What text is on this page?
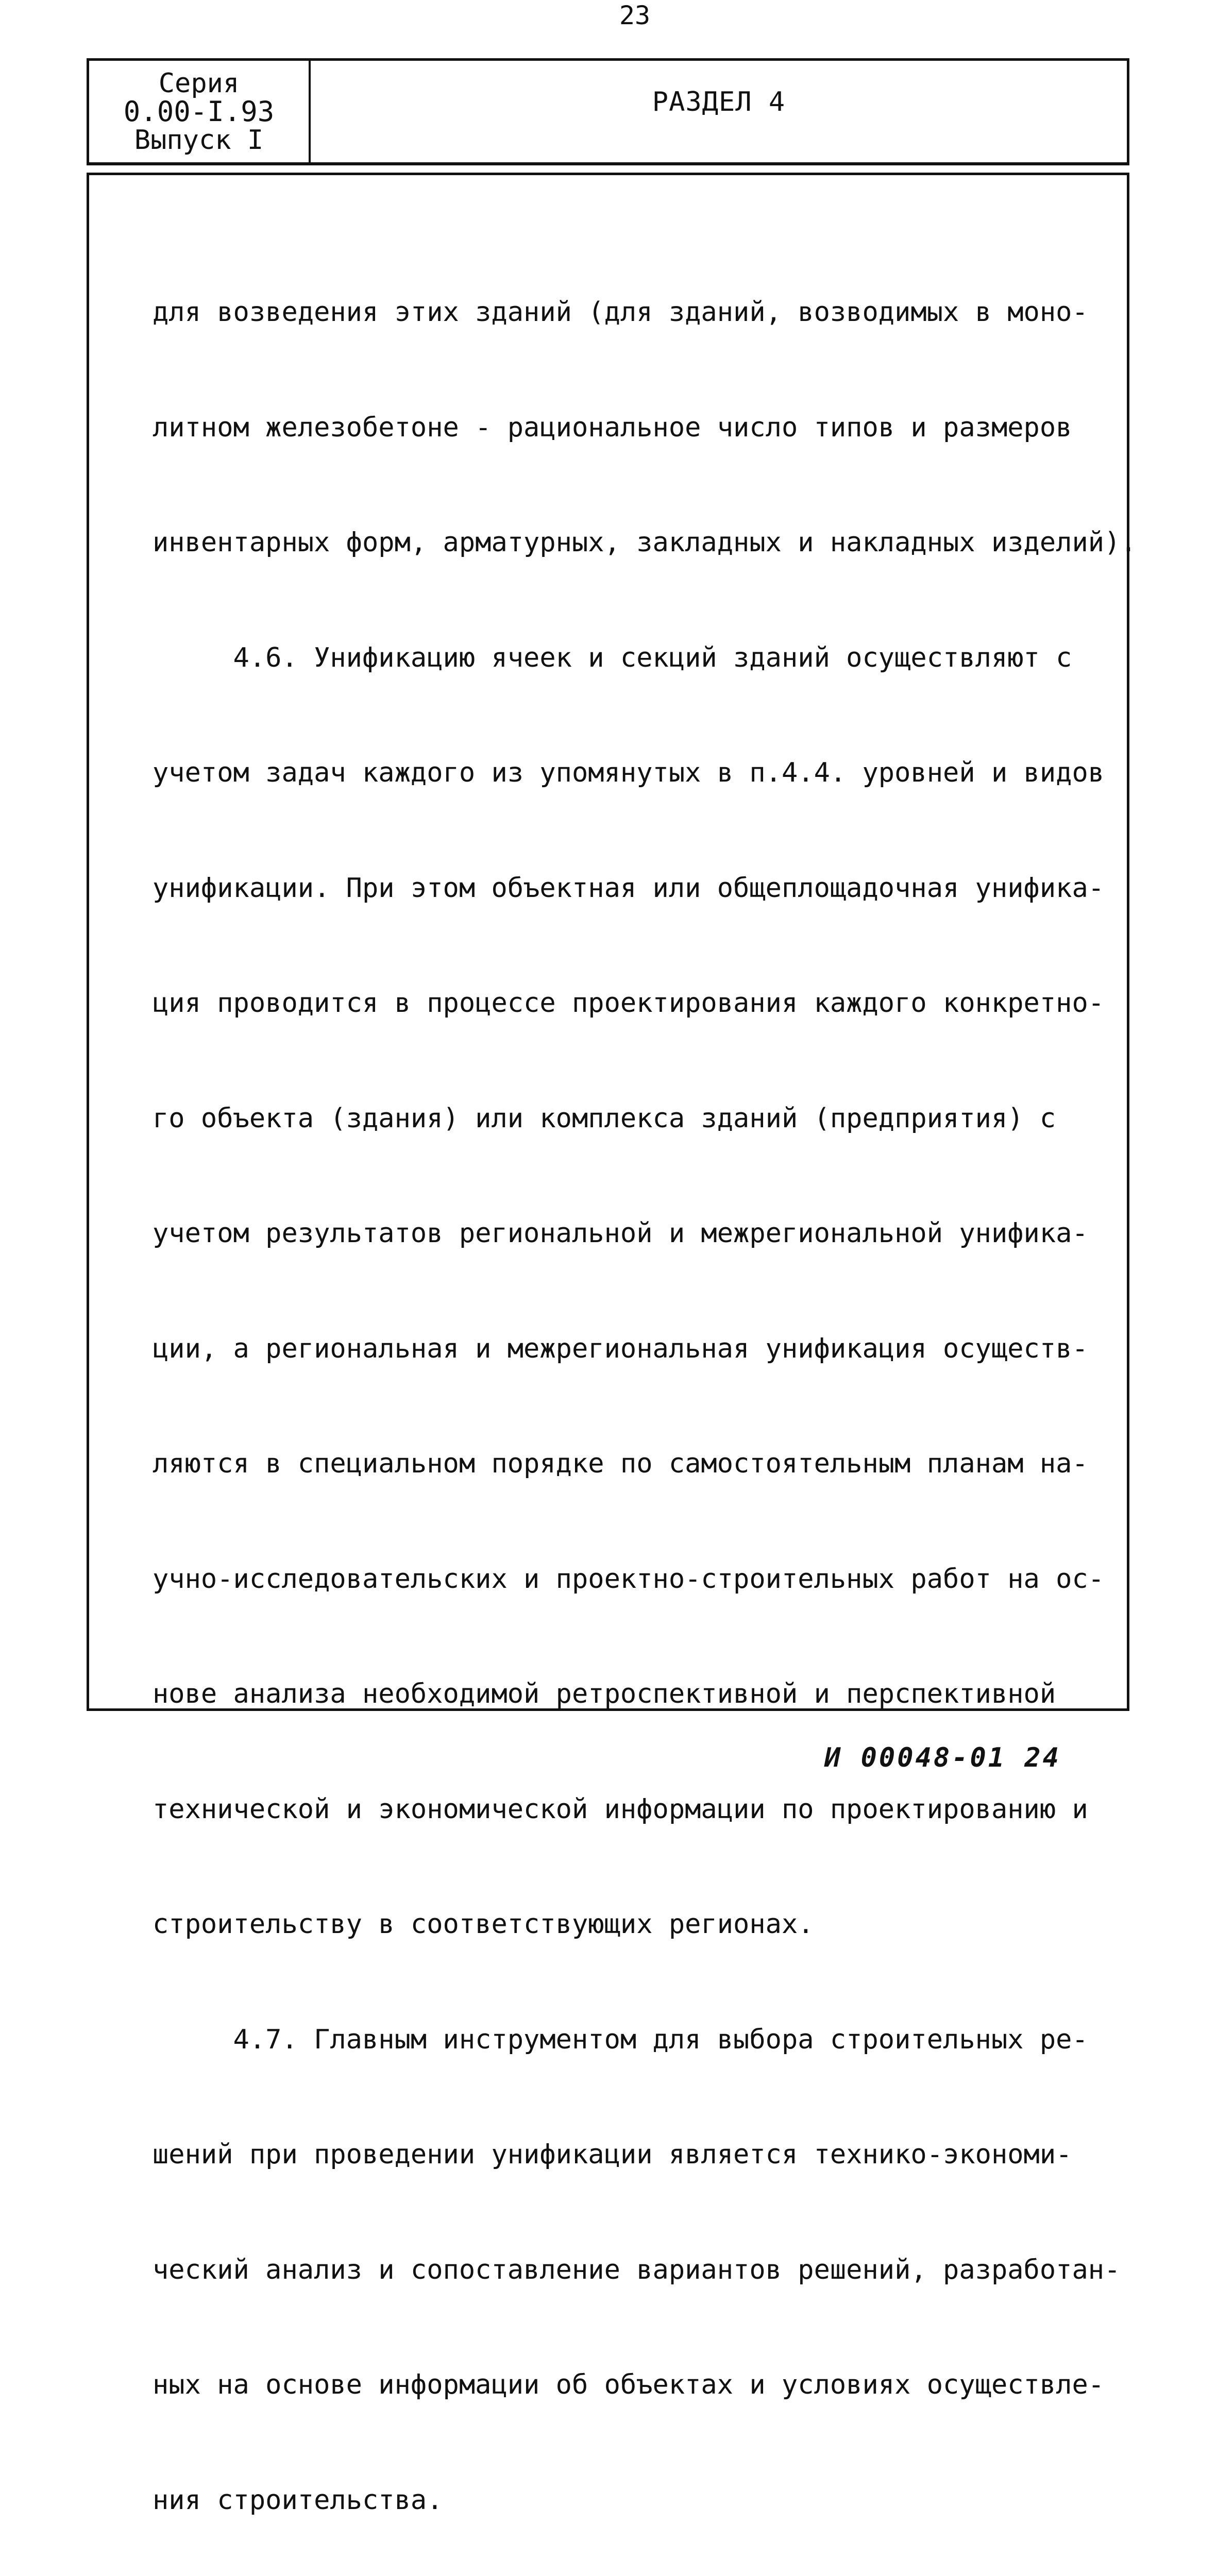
23
Серия
0.00-I.93
Выпуск I
РАЗДЕЛ 4

для возведения этих зданий (для зданий, возводимых в моно-

литном железобетоне - рациональное число типов и размеров

инвентарных форм, арматурных, закладных и накладных изделий).

4.6. Унификацию ячеек и секций зданий осуществляют с

учетом задач каждого из упомянутых в п.4.4. уровней и видов

унификации. При этом объектная или общеплощадочная унифика-

ция проводится в процессе проектирования каждого конкретно-

го объекта (здания) или комплекса зданий (предприятия) с

учетом результатов региональной и межрегиональной унифика-

ции, а региональная и межрегиональная унификация осуществ-

ляются в специальном порядке по самостоятельным планам на-

учно-исследовательских и проектно-строительных работ на ос-

нове анализа необходимой ретроспективной и перспективной

технической и экономической информации по проектированию и

строительству в соответствующих регионах.

4.7. Главным инструментом для выбора строительных ре-

шений при проведении унификации является технико-экономи-

ческий анализ и сопоставление вариантов решений, разработан-

ных на основе информации об объектах и условиях осуществле-

ния строительства.

И 00048-01 24
